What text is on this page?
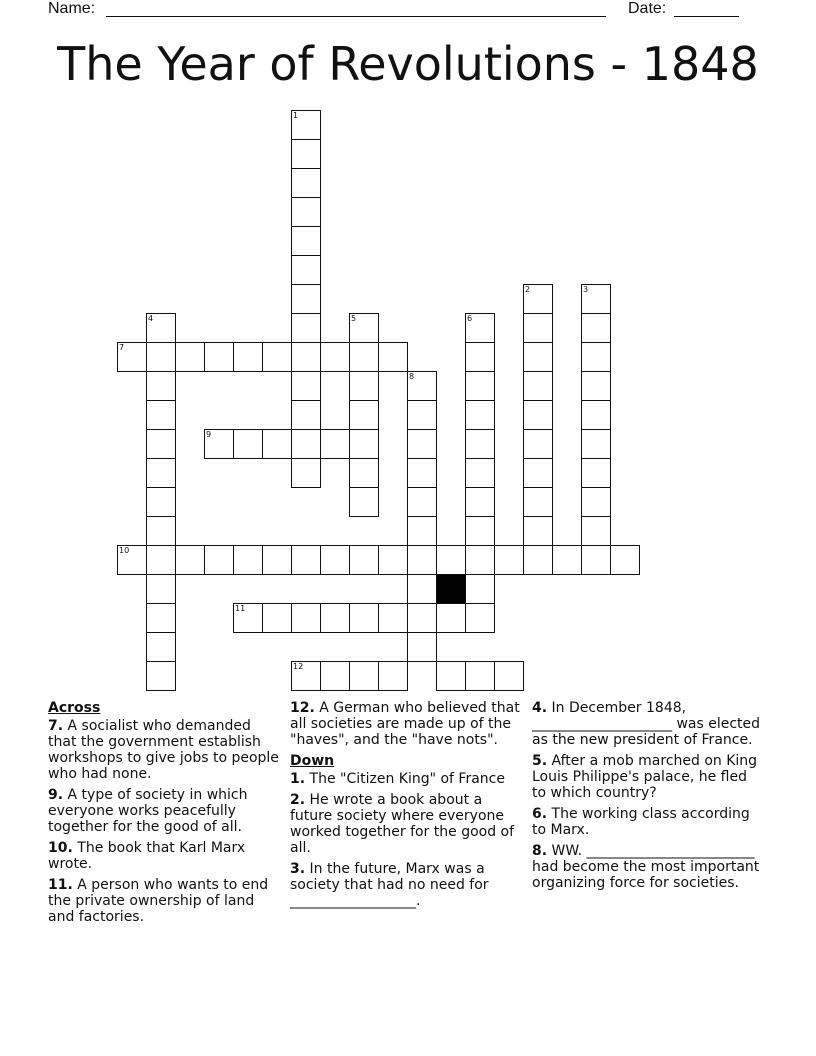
Name:	Date:
The Year of Revolutions - 1848
1
2	3
4	5	6
7
8
9
10
11
12
Across
7. A socialist who demanded that the government establish workshops to give jobs to people who had none.
9. A type of society in which everyone works peacefully together for the good of all.
10. The book that Karl Marx wrote.
11. A person who wants to end the private ownership of land and factories.
12. A German who believed that all societies are made up of the "haves", and the "have nots".
Down
1. The "Citizen King" of France
2. He wrote a book about a future society where everyone worked together for the good of all.
3. In the future, Marx was a society that had no need for __________________.
4. In December 1848, ____________________ was elected as the new president of France.
5. After a mob marched on King Louis Philippe's palace, he fled to which country?
6. The working class according to Marx.
8. WW. ________________________ had become the most important organizing force for societies.
